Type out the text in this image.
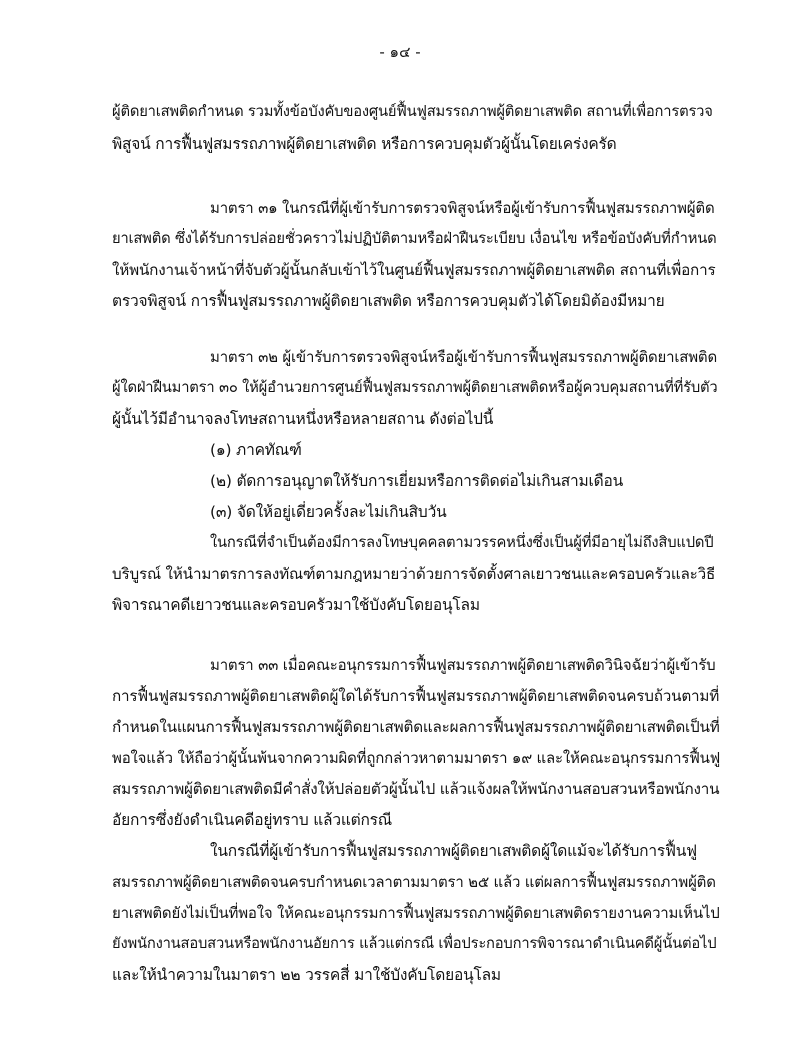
- ๑๔ -
ผู้ติดยาเสพติดกำหนด รวมทั้งข้อบังคับของศูนย์ฟื้นฟูสมรรถภาพผู้ติดยาเสพติด สถานที่เพื่อการตรวจ
พิสูจน์ การฟื้นฟูสมรรถภาพผู้ติดยาเสพติด หรือการควบคุมตัวผู้นั้นโดยเคร่งครัด
มาตรา ๓๑ ในกรณีที่ผู้เข้ารับการตรวจพิสูจน์หรือผู้เข้ารับการฟื้นฟูสมรรถภาพผู้ติด
ยาเสพติด ซึ่งได้รับการปล่อยชั่วคราวไม่ปฏิบัติตามหรือฝ่าฝืนระเบียบ เงื่อนไข หรือข้อบังคับที่กำหนด
ให้พนักงานเจ้าหน้าที่จับตัวผู้นั้นกลับเข้าไว้ในศูนย์ฟื้นฟูสมรรถภาพผู้ติดยาเสพติด สถานที่เพื่อการ
ตรวจพิสูจน์ การฟื้นฟูสมรรถภาพผู้ติดยาเสพติด หรือการควบคุมตัวได้โดยมิต้องมีหมาย
มาตรา ๓๒ ผู้เข้ารับการตรวจพิสูจน์หรือผู้เข้ารับการฟื้นฟูสมรรถภาพผู้ติดยาเสพติด
ผู้ใดฝ่าฝืนมาตรา ๓๐ ให้ผู้อำนวยการศูนย์ฟื้นฟูสมรรถภาพผู้ติดยาเสพติดหรือผู้ควบคุมสถานที่ที่รับตัว
ผู้นั้นไว้มีอำนาจลงโทษสถานหนึ่งหรือหลายสถาน ดังต่อไปนี้
(๑) ภาคทัณฑ์
(๒) ตัดการอนุญาตให้รับการเยี่ยมหรือการติดต่อไม่เกินสามเดือน
(๓) จัดให้อยู่เดี่ยวครั้งละไม่เกินสิบวัน
ในกรณีที่จำเป็นต้องมีการลงโทษบุคคลตามวรรคหนึ่งซึ่งเป็นผู้ที่มีอายุไม่ถึงสิบแปดปี
บริบูรณ์ ให้นำมาตรการลงทัณฑ์ตามกฎหมายว่าด้วยการจัดตั้งศาลเยาวชนและครอบครัวและวิธี
พิจารณาคดีเยาวชนและครอบครัวมาใช้บังคับโดยอนุโลม
มาตรา ๓๓ เมื่อคณะอนุกรรมการฟื้นฟูสมรรถภาพผู้ติดยาเสพติดวินิจฉัยว่าผู้เข้ารับ
การฟื้นฟูสมรรถภาพผู้ติดยาเสพติดผู้ใดได้รับการฟื้นฟูสมรรถภาพผู้ติดยาเสพติดจนครบถ้วนตามที่
กำหนดในแผนการฟื้นฟูสมรรถภาพผู้ติดยาเสพติดและผลการฟื้นฟูสมรรถภาพผู้ติดยาเสพติดเป็นที่
พอใจแล้ว ให้ถือว่าผู้นั้นพ้นจากความผิดที่ถูกกล่าวหาตามมาตรา ๑๙ และให้คณะอนุกรรมการฟื้นฟู
สมรรถภาพผู้ติดยาเสพติดมีคำสั่งให้ปล่อยตัวผู้นั้นไป แล้วแจ้งผลให้พนักงานสอบสวนหรือพนักงาน
อัยการซึ่งยังดำเนินคดีอยู่ทราบ แล้วแต่กรณี
ในกรณีที่ผู้เข้ารับการฟื้นฟูสมรรถภาพผู้ติดยาเสพติดผู้ใดแม้จะได้รับการฟื้นฟู
สมรรถภาพผู้ติดยาเสพติดจนครบกำหนดเวลาตามมาตรา ๒๕ แล้ว แต่ผลการฟื้นฟูสมรรถภาพผู้ติด
ยาเสพติดยังไม่เป็นที่พอใจ ให้คณะอนุกรรมการฟื้นฟูสมรรถภาพผู้ติดยาเสพติดรายงานความเห็นไป
ยังพนักงานสอบสวนหรือพนักงานอัยการ แล้วแต่กรณี เพื่อประกอบการพิจารณาดำเนินคดีผู้นั้นต่อไป
และให้นำความในมาตรา ๒๒ วรรคสี่ มาใช้บังคับโดยอนุโลม
